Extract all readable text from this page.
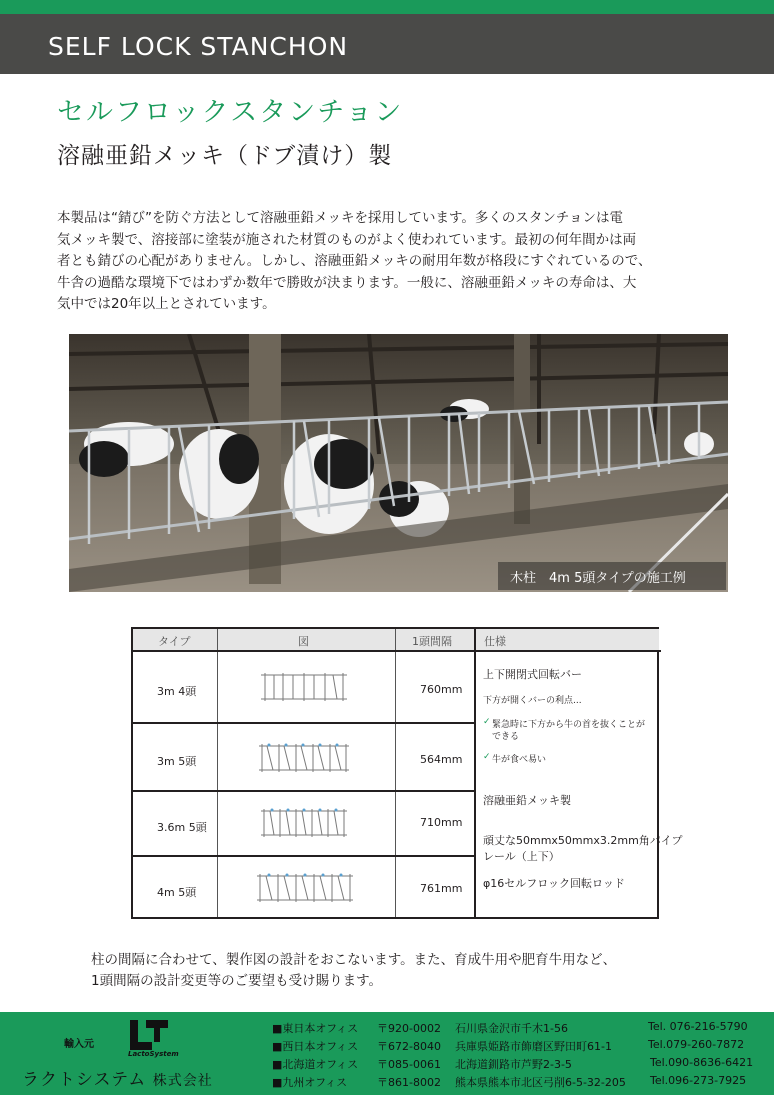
SELF LOCK STANCHON
セルフロックスタンチョン
溶融亜鉛メッキ（ドブ漬け）製
本製品は“錆び”を防ぐ方法として溶融亜鉛メッキを採用しています。多くのスタンチョンは電
気メッキ製で、溶接部に塗装が施された材質のものがよく使われています。最初の何年間かは両
者とも錆びの心配がありません。しかし、溶融亜鉛メッキの耐用年数が格段にすぐれているので、
牛舎の過酷な環境下ではわずか数年で勝敗が決まります。一般に、溶融亜鉛メッキの寿命は、大
気中では20年以上とされています。
木柱　4m 5頭タイプの施工例
タイプ	図	1頭間隔	仕様
3m 4頭	760mm
3m 5頭	564mm
3.6m 5頭	710mm
4m 5頭	761mm
上下開閉式回転バー
下方が開くバーの利点...
✓ 緊急時に下方から牛の首を抜くことが
できる
✓ 牛が食べ易い
溶融亜鉛メッキ製
頑丈な50mmx50mmx3.2mm角パイプ
レール（上下）
φ16セルフロック回転ロッド
柱の間隔に合わせて、製作図の設計をおこないます。また、育成牛用や肥育牛用など、
1頭間隔の設計変更等のご要望も受け賜ります。
輸入元
LactoSystem
ラクトシステム 株式会社
■東日本オフィス 〒920-0002 石川県金沢市千木1-56	Tel. 076-216-5790
■西日本オフィス 〒672-8040 兵庫県姫路市飾磨区野田町61-1	Tel.079-260-7872
■北海道オフィス 〒085-0061 北海道釧路市芦野2-3-5	Tel.090-8636-6421
■九州オフィス	〒861-8002 熊本県熊本市北区弓削6-5-32-205 Tel.096-273-7925
